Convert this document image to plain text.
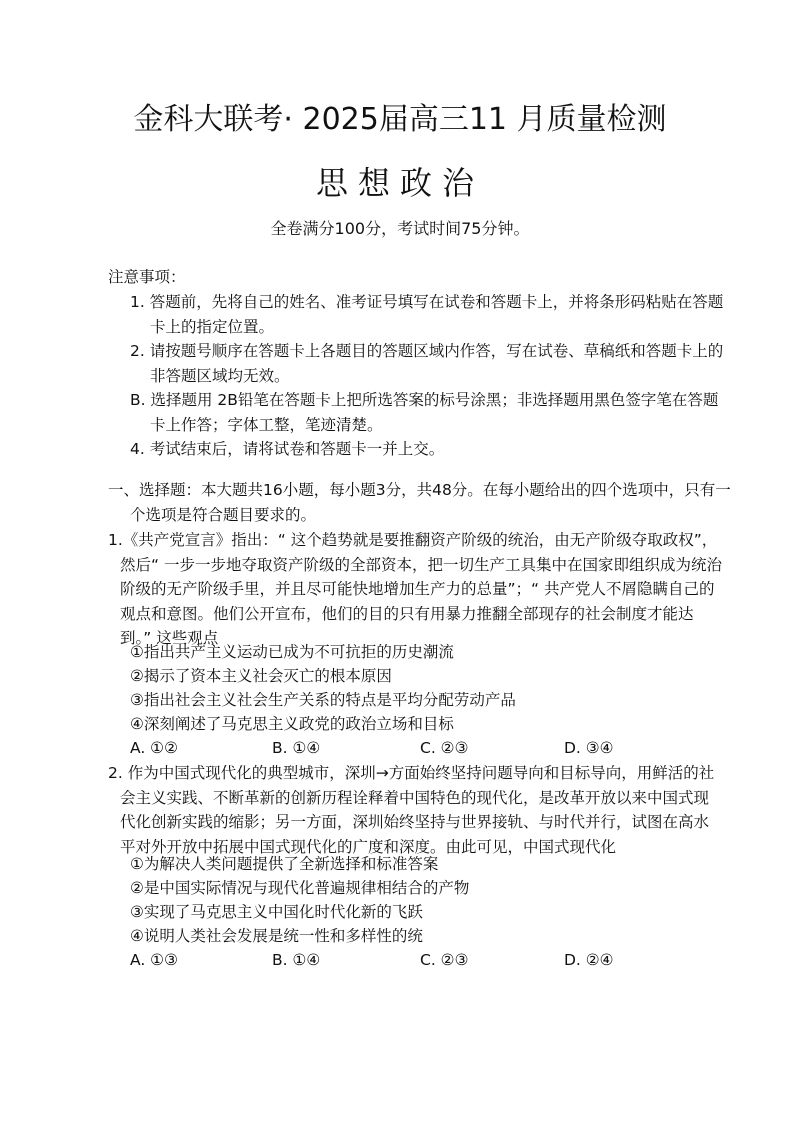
金科大联考· 2025届高三11 月质量检测
思想政治
全卷满分100分，考试时间75分钟。
注意事项：
1. 答题前，先将自己的姓名、准考证号填写在试卷和答题卡上，并将条形码粘贴在答题卡上的指定位置。
2. 请按题号顺序在答题卡上各题目的答题区域内作答，写在试卷、草稿纸和答题卡上的非答题区域均无效。
B. 选择题用 2B铅笔在答题卡上把所选答案的标号涂黑；非选择题用黑色签字笔在答题卡上作答；字体工整，笔迹清楚。
4. 考试结束后，请将试卷和答题卡一并上交。
一、选择题：本大题共16小题，每小题3分，共48分。在每小题给出的四个选项中，只有一个选项是符合题目要求的。
1.《共产党宣言》指出：“ 这个趋势就是要推翻资产阶级的统治，由无产阶级夺取政权”，然后“ 一步一步地夺取资产阶级的全部资本，把一切生产工具集中在国家即组织成为统治阶级的无产阶级手里，并且尽可能快地增加生产力的总量”；“ 共产党人不屑隐瞒自己的观点和意图。他们公开宣布，他们的目的只有用暴力推翻全部现存的社会制度才能达到。” 这些观点
①指出共产主义运动已成为不可抗拒的历史潮流
②揭示了资本主义社会灭亡的根本原因
③指出社会主义社会生产关系的特点是平均分配劳动产品
④深刻阐述了马克思主义政党的政治立场和目标
A. ①②	B. ①④	C. ②③	D. ③④
2. 作为中国式现代化的典型城市，深圳→方面始终坚持问题导向和目标导向，用鲜活的社会主义实践、不断革新的创新历程诠释着中国特色的现代化，是改革开放以来中国式现代化创新实践的缩影；另一方面，深圳始终坚持与世界接轨、与时代并行，试图在高水平对外开放中拓展中国式现代化的广度和深度。由此可见，中国式现代化
①为解决人类问题提供了全新选择和标准答案
②是中国实际情况与现代化普遍规律相结合的产物
③实现了马克思主义中国化时代化新的飞跃
④说明人类社会发展是统一性和多样性的统
A. ①③	B. ①④	C. ②③	D. ②④
